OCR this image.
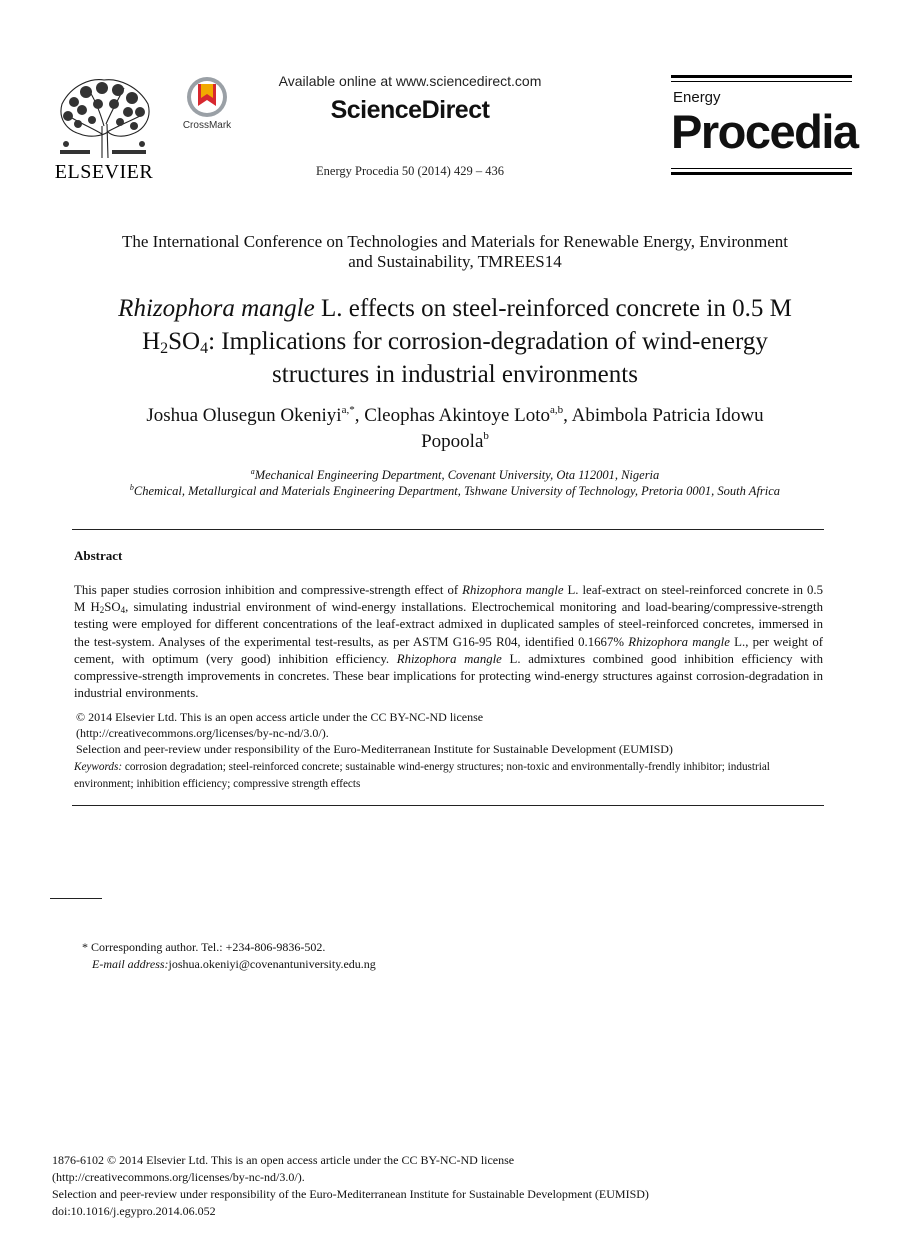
ELSEVIER
CrossMark
Available online at www.sciencedirect.com
ScienceDirect
Energy Procedia 50 (2014) 429 – 436
Energy
Procedia
The International Conference on Technologies and Materials for Renewable Energy, Environment
and Sustainability, TMREES14
Rhizophora mangle L. effects on steel-reinforced concrete in 0.5 M
$H_2SO_4$: Implications for corrosion-degradation of wind-energy
structures in industrial environments
Joshua Olusegun Okeniyi$^{a,*}$, Cleophas Akintoye Loto$^{a,b}$, Abimbola Patricia Idowu
Popoola$^b$
$^a$Mechanical Engineering Department, Covenant University, Ota 112001, Nigeria
$^b$Chemical, Metallurgical and Materials Engineering Department, Tshwane University of Technology, Pretoria 0001, South Africa
Abstract
This paper studies corrosion inhibition and compressive-strength effect of Rhizophora mangle L. leaf-extract on steel-reinforced concrete in 0.5 M $H_2SO_4$, simulating industrial environment of wind-energy installations. Electrochemical monitoring and load-bearing/compressive-strength testing were employed for different concentrations of the leaf-extract admixed in duplicated samples of steel-reinforced concretes, immersed in the test-system. Analyses of the experimental test-results, as per ASTM G16-95 R04, identified 0.1667% Rhizophora mangle L., per weight of cement, with optimum (very good) inhibition efficiency. Rhizophora mangle L. admixtures combined good inhibition efficiency with compressive-strength improvements in concretes. These bear implications for protecting wind-energy structures against corrosion-degradation in industrial environments.
© 2014 Elsevier Ltd. This is an open access article under the CC BY-NC-ND license
(http://creativecommons.org/licenses/by-nc-nd/3.0/).
Selection and peer-review under responsibility of the Euro-Mediterranean Institute for Sustainable Development (EUMISD)
Keywords: corrosion degradation; steel-reinforced concrete; sustainable wind-energy structures; non-toxic and environmentally-frendly inhibitor; industrial environment; inhibition efficiency; compressive strength effects
* Corresponding author. Tel.: +234-806-9836-502.
E-mail address:joshua.okeniyi@covenantuniversity.edu.ng
1876-6102 © 2014 Elsevier Ltd. This is an open access article under the CC BY-NC-ND license
(http://creativecommons.org/licenses/by-nc-nd/3.0/).
Selection and peer-review under responsibility of the Euro-Mediterranean Institute for Sustainable Development (EUMISD)
doi:10.1016/j.egypro.2014.06.052
